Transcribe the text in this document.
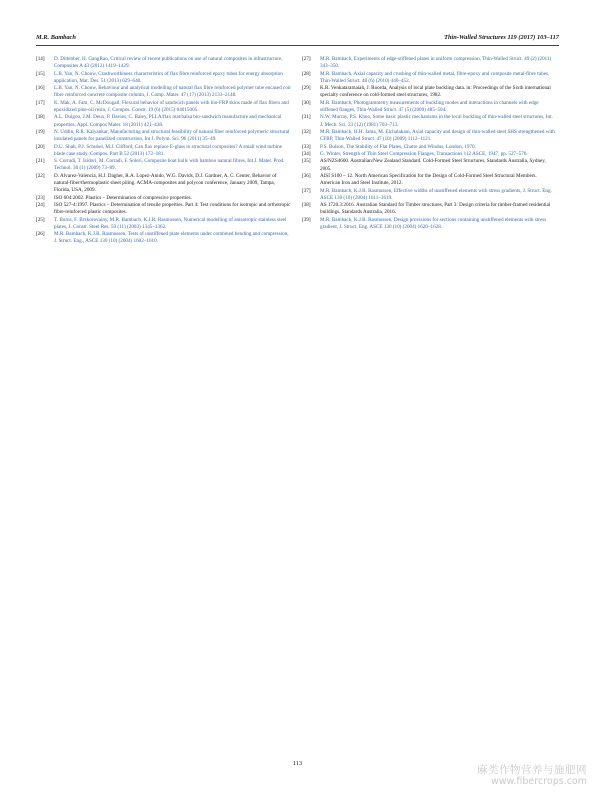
M.R. Bambach	Thin-Walled Structures 119 (2017) 103–117
[14] D. Dittenber, H. GangRao, Critical review of recent publications on use of natural composites in infrastructure, Composites A 43 (2012) 1419–1429.
[15] L.B. Yan, N. Chouw, Crashworthiness characteristics of flax fibre reinforced epoxy tubes for energy absorption application, Mat. Des. 51 (2013) 629–640.
[16] L.B. Yan, N. Chouw, Behaviour and analytical modelling of natural flax fibre reinforced polymer tube encased coir fibre reinforced concrete composite column, J. Comp. Mater. 47 (17) (2013) 2133–2148.
[17] K. Mak, A. Fam, C. McDougall, Flexural behavior of sandwich panels with bio-FRP skins made of flax fibers and epoxidized pine-oil resin, J. Compos. Constr. 19 (6) (2015) 04015005.
[18] A.L. Duigou, J.M. Deux, P. Davies, C. Baley, PLLA/flax mat/balsa bio-sandwich manufacture and mechanical properties, Appl. Compos Mater. 18 (2011) 421–438.
[19] N. Uddin, R.R. Kalyankar, Manufacturing and structural feasibility of natural fiber reinforced polymeric structural insulated panels for panelized construction, Int J. Polym. Sci. 96 (2011) 35–49.
[20] D.U. Shah, P.J. Schubel, M.J. Clifford, Can flax replace E-glass in structural composites? A small wind turbine blade case study, Compos. Part B 52 (2013) 172–181.
[21] S. Corradi, T. Isidori, M. Corradi, F. Soleri, Composite boat hulls with bamboo natural fibres, Int J. Mater. Prod. Technol. 36 (1) (2009) 73–89.
[22] D. Alvarez-Valencia, H.J. Dagher, R.A. Lopez-Anido, W.G. Davids, D.J. Gardner, A. C. Center, Behavior of natural-fiber/thermoplastic sheet piling. ACMA-composites and polycon conference, January 2009, Tampa, Florida, USA, 2009.
[23] ISO 604:2002. Plastics – Determination of compressive properties.
[24] ISO 527-4:1997. Plastics – Determination of tensile properties. Part 4: Test conditions for isotropic and orthotropic fibre-reinforced plastic composites.
[25] T. Burns, F. Brzkorovainy, M.R. Bambach, K.J.R. Rasmussen, Numerical modelling of anisotropic stainless steel plates, J. Constr. Steel Res. 59 (11) (2003) 1345–1362.
[26] M.R. Bambach, K.J.R. Rasmussen, Tests of unstiffened plate elements under combined bending and compression, J. Struct. Eng., ASCE 130 (10) (2004) 1602–1610.
[27] M.R. Bambach, Experiments of edge-stiffened plates in uniform compression, Thin-Walled Struct. 49 (2) (2011) 343–350.
[28] M.R. Bambach, Axial capacity and crushing of thin-walled metal, fibre-epoxy and composite metal-fibre tubes, Thin-Walled Struct. 48 (6) (2010) 440–452.
[29] K.R. Venkataramaiah, J. Roorda, Analysis of local plate buckling data. in: Proceedings of the Sixth international specialty conference on cold-formed steel structures, 1982.
[30] M.R. Bambach, Photogrammetry measurements of buckling modes and interactions in channels with edge stiffened flanges, Thin-Walled Struct. 47 (5) (2009) 485–504.
[31] N.W. Murray, P.S. Khoo, Some basic plastic mechanisms in the local buckling of thin-walled steel structures, Int. J. Mech. Sci. 23 (12) (1981) 703–713.
[32] M.R. Bambach, H.H. Jama, M. Elchalakani, Axial capacity and design of thin-walled steel SHS strengthened with CFRP, Thin-Walled Struct. 47 (10) (2009) 1112–1121.
[33] P.S. Bulson, The Stability of Flat Plates, Chatto and Windus, London, 1970.
[34] G. Winter, Strength of Thin Steel Compression Flanges, Transactions 112 ASCE, 1947, pp. 527–576.
[35] AS/NZS4600. Australian/New Zealand Standard. Cold-Formed Steel Structures, Standards Australia, Sydney, 2005.
[36] AISI S100 – 12. North American Specification for the Design of Cold-Formed Steel Structural Members. American Iron and Steel Institute, 2012.
[37] M.R. Bambach, K.J.R. Rasmussen, Effective widths of unstiffened elements with stress gradients, J. Struct. Eng. ASCE 130 (10) (2004) 1611–1619.
[38] AS 1720.3:2016. Australian Standard for Timber structures, Part 3: Design criteria for timber-framed residential buildings. Standards Australia, 2016.
[39] M.R. Bambach, K.J.R. Rasmussen, Design provisions for sections containing unstiffened elements with stress gradient, J. Struct. Eng. ASCE 130 (10) (2004) 1620–1628.
113
麻类作物营养与施肥网
www.fibercrops.com
